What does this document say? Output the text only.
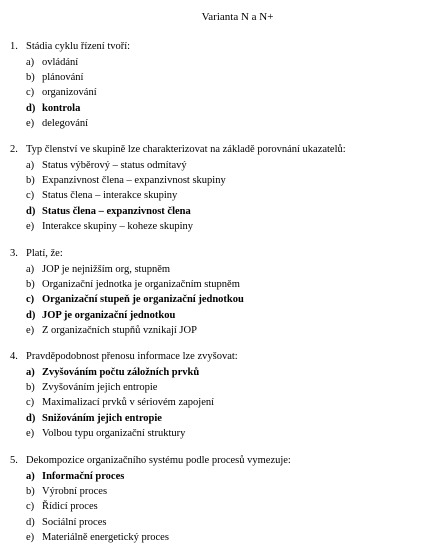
Varianta N a N+
1. Stádia cyklu řízení tvoří:
a) ovládání
b) plánování
c) organizování
d) kontrola
e) delegování
2. Typ členství ve skupině lze charakterizovat na základě porovnání ukazatelů:
a) Status výběrový – status odmítavý
b) Expanzivnost člena – expanzivnost skupiny
c) Status člena – interakce skupiny
d) Status člena – expanzivnost člena
e) Interakce skupiny – koheze skupiny
3. Platí, že:
a) JOP je nejnižším org, stupněm
b) Organizační jednotka je organizačním stupněm
c) Organizační stupeň je organizační jednotkou
d) JOP je organizační jednotkou
e) Z organizačních stupňů vznikají JOP
4. Pravděpodobnost přenosu informace lze zvyšovat:
a) Zvyšováním počtu záložních prvků
b) Zvyšováním jejich entropie
c) Maximalizací prvků v sériovém zapojení
d) Snižováním jejich entropie
e) Volbou typu organizační struktury
5. Dekompozice organizačního systému podle procesů vymezuje:
a) Informační proces
b) Výrobní proces
c) Řídicí proces
d) Sociální proces
e) Materiálně energetický proces
